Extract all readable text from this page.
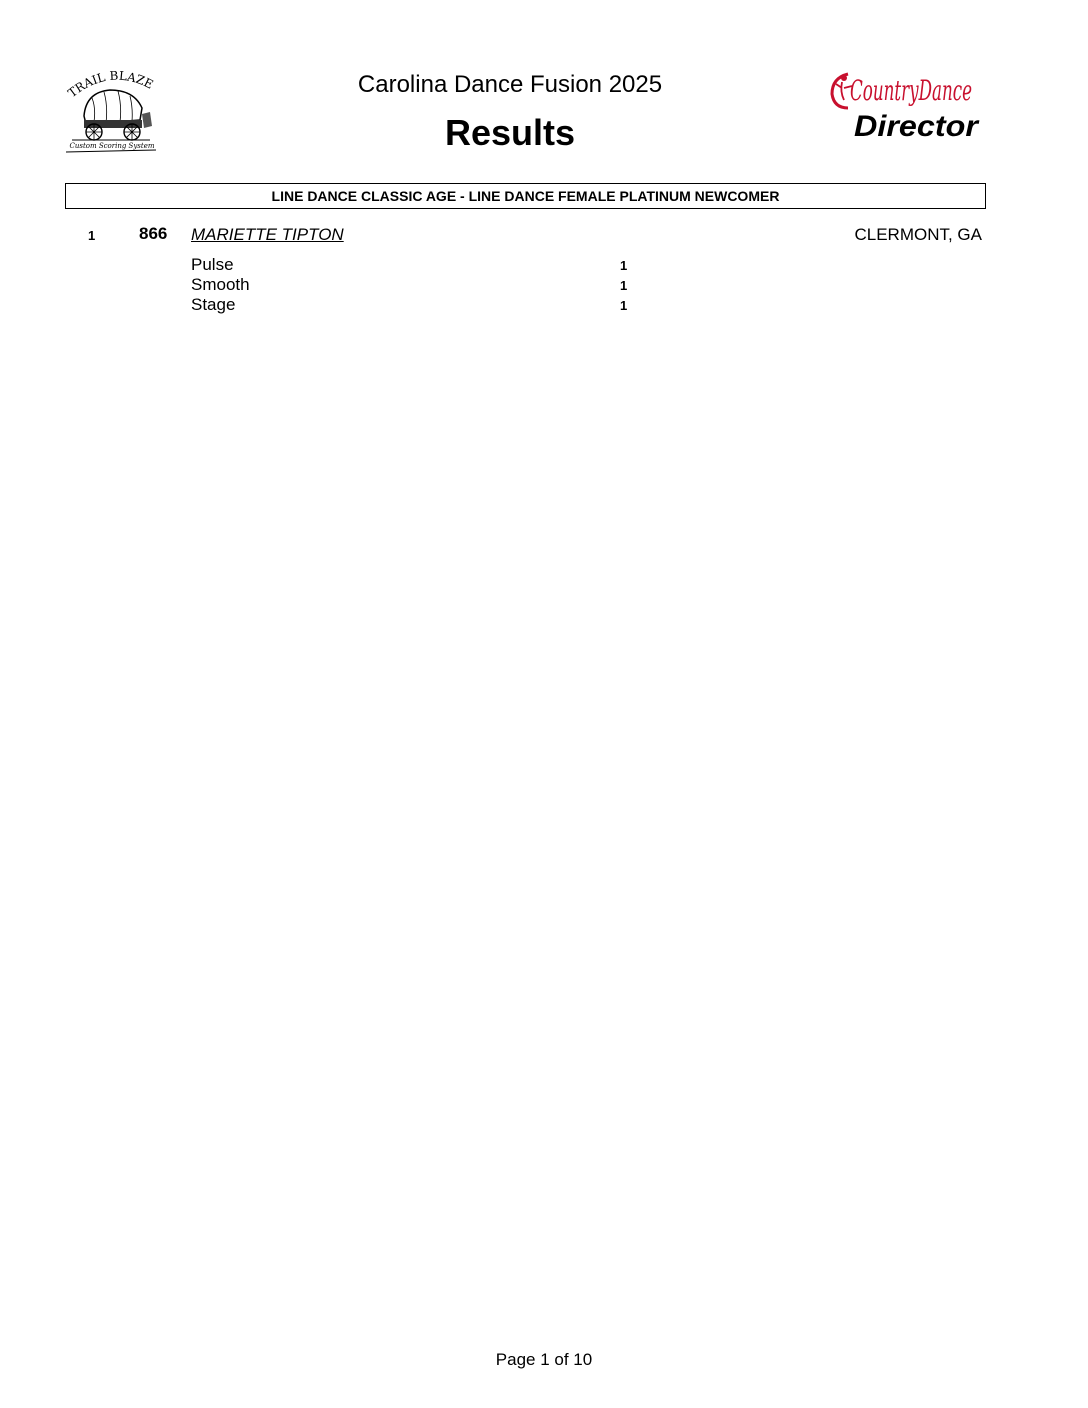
TRAIL BLAZE
Custom Scoring System
Carolina Dance Fusion 2025
Results
CountryDance
Director
LINE DANCE CLASSIC AGE - LINE DANCE FEMALE PLATINUM NEWCOMER
1	866 MARIETTE TIPTON	CLERMONT, GA
Pulse	1
Smooth	1
Stage	1
Page 1 of 10
